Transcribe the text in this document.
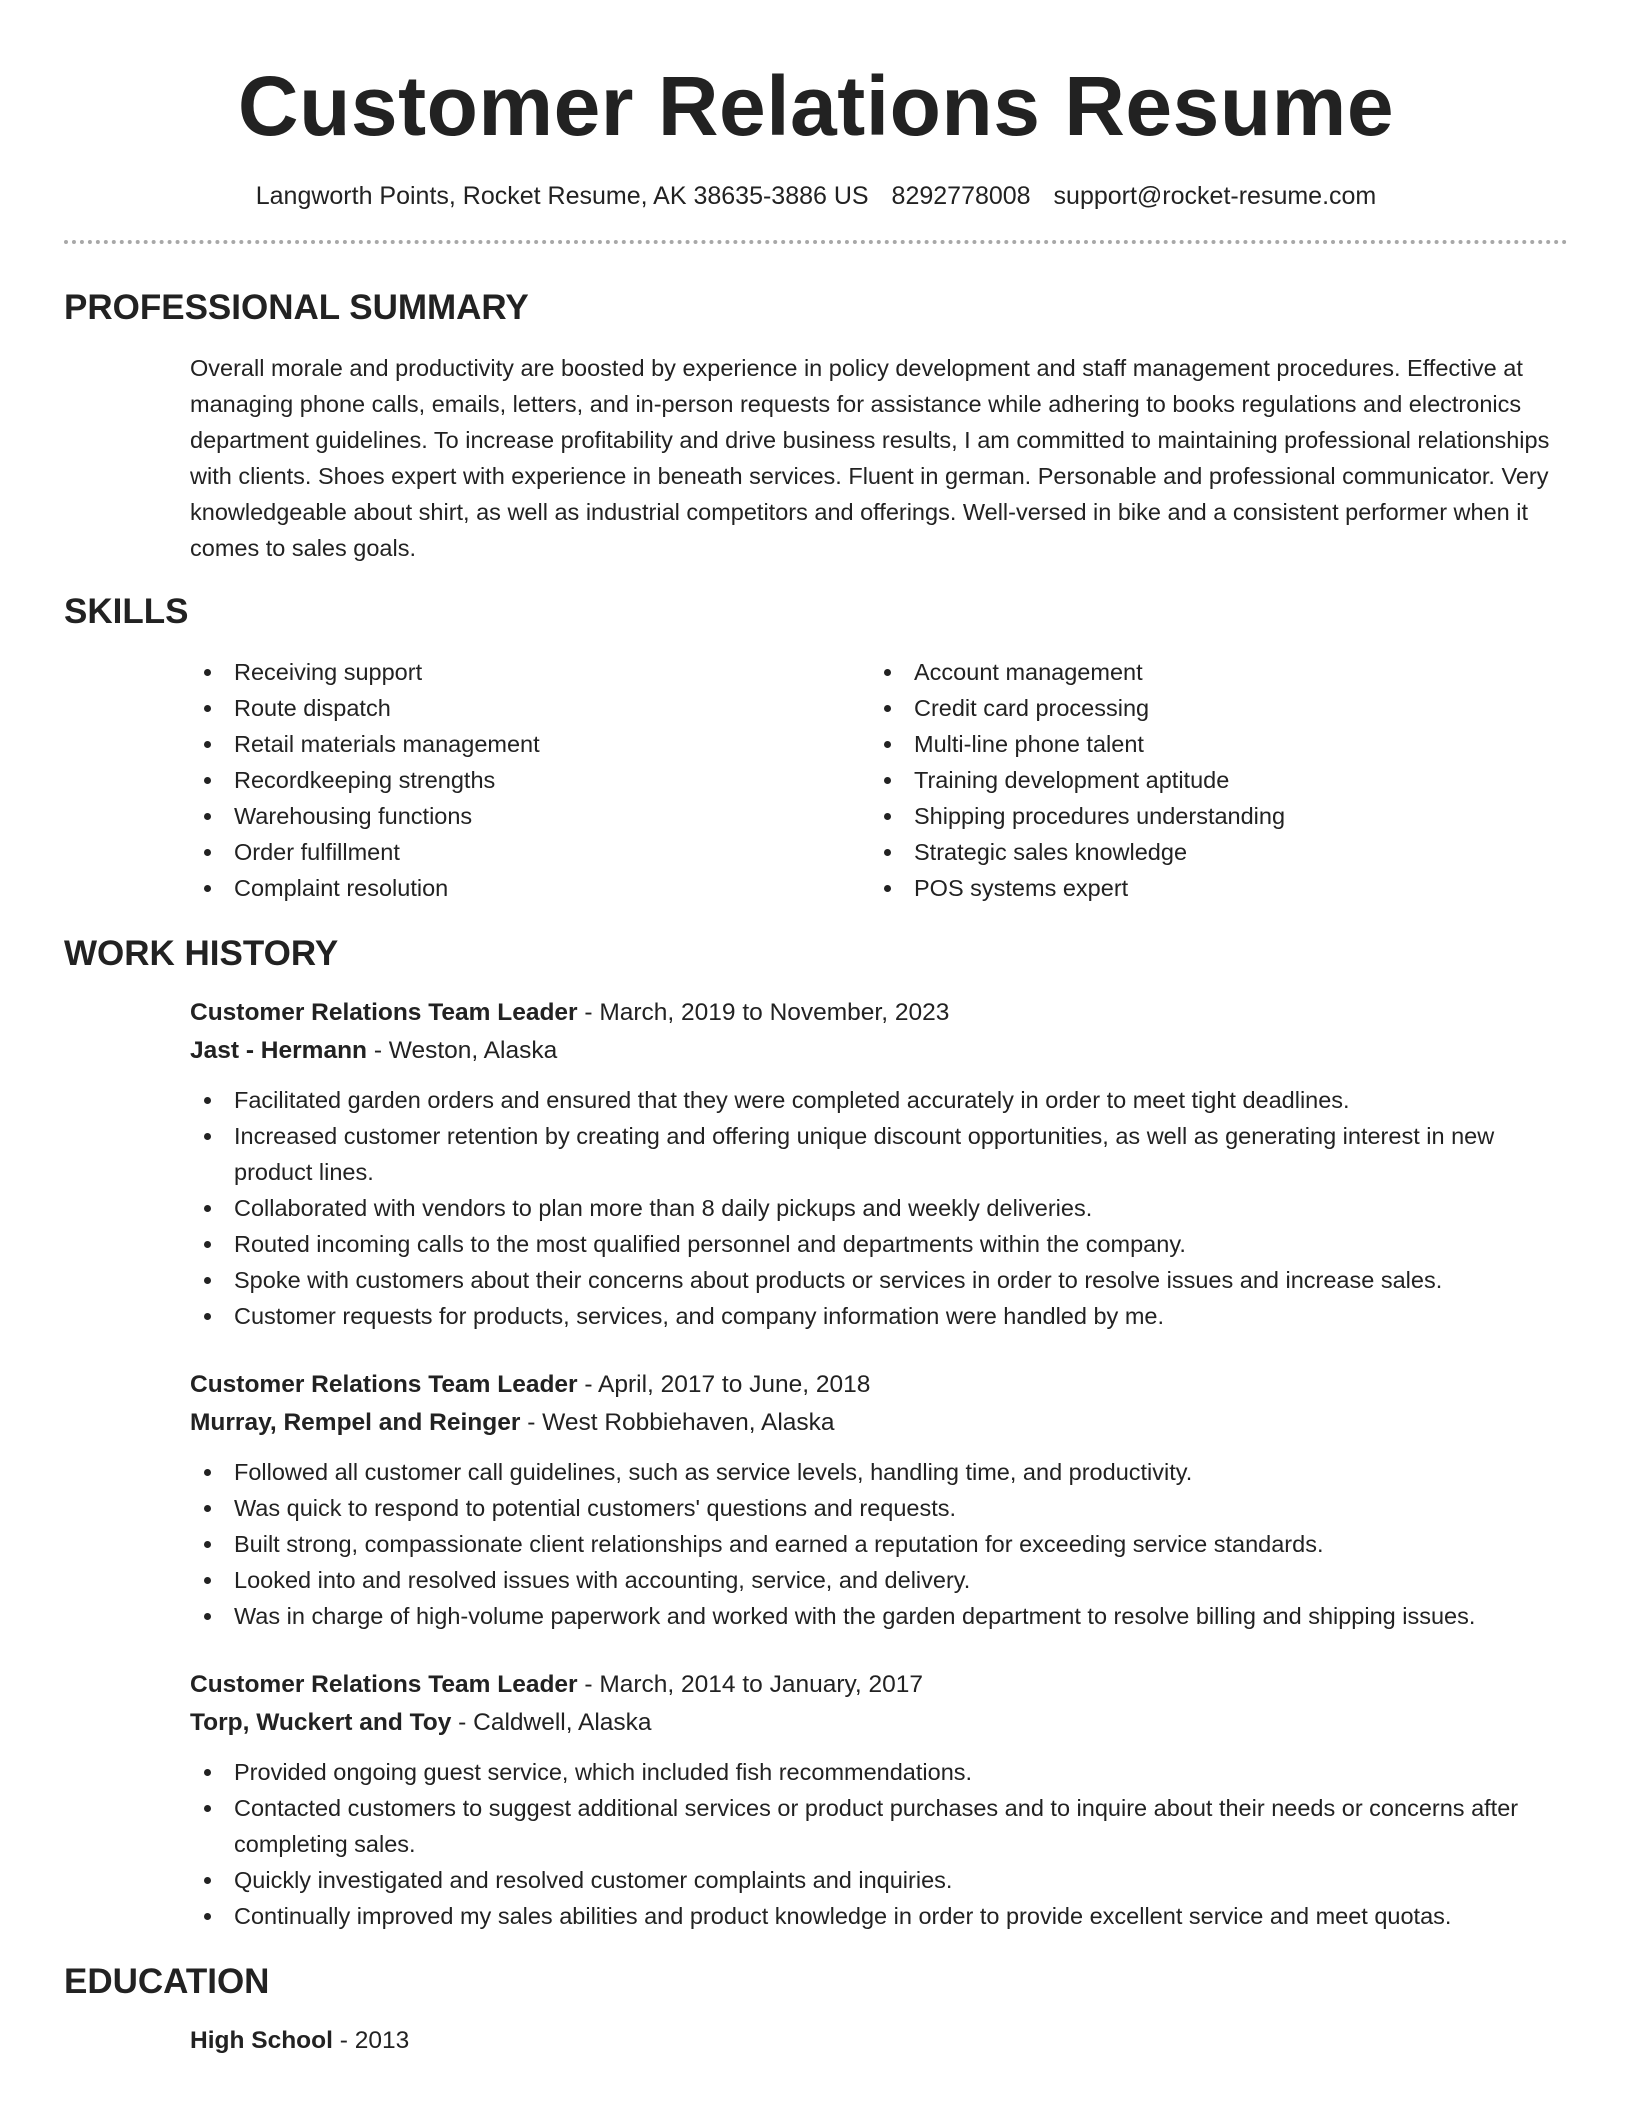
Customer Relations Resume
Langworth Points, Rocket Resume, AK 38635-3886 US 8292778008 support@rocket-resume.com
PROFESSIONAL SUMMARY

Overall morale and productivity are boosted by experience in policy development and staff management procedures. Effective at managing phone calls, emails, letters, and in-person requests for assistance while adhering to books regulations and electronics department guidelines. To increase profitability and drive business results, I am committed to maintaining professional relationships with clients. Shoes expert with experience in beneath services. Fluent in german. Personable and professional communicator. Very knowledgeable about shirt, as well as industrial competitors and offerings. Well-versed in bike and a consistent performer when it comes to sales goals.

SKILLS
Receiving support
Route dispatch
Retail materials management
Recordkeeping strengths
Warehousing functions
Order fulfillment
Complaint resolution
Account management
Credit card processing
Multi-line phone talent
Training development aptitude
Shipping procedures understanding
Strategic sales knowledge
POS systems expert
WORK HISTORY
Customer Relations Team Leader - March, 2019 to November, 2023
Jast - Hermann - Weston, Alaska
Facilitated garden orders and ensured that they were completed accurately in order to meet tight deadlines.
Increased customer retention by creating and offering unique discount opportunities, as well as generating interest in new product lines.
Collaborated with vendors to plan more than 8 daily pickups and weekly deliveries.
Routed incoming calls to the most qualified personnel and departments within the company.
Spoke with customers about their concerns about products or services in order to resolve issues and increase sales.
Customer requests for products, services, and company information were handled by me.
Customer Relations Team Leader - April, 2017 to June, 2018
Murray, Rempel and Reinger - West Robbiehaven, Alaska
Followed all customer call guidelines, such as service levels, handling time, and productivity.
Was quick to respond to potential customers' questions and requests.
Built strong, compassionate client relationships and earned a reputation for exceeding service standards.
Looked into and resolved issues with accounting, service, and delivery.
Was in charge of high-volume paperwork and worked with the garden department to resolve billing and shipping issues.
Customer Relations Team Leader - March, 2014 to January, 2017
Torp, Wuckert and Toy - Caldwell, Alaska
Provided ongoing guest service, which included fish recommendations.
Contacted customers to suggest additional services or product purchases and to inquire about their needs or concerns after completing sales.
Quickly investigated and resolved customer complaints and inquiries.
Continually improved my sales abilities and product knowledge in order to provide excellent service and meet quotas.
EDUCATION
High School - 2013
